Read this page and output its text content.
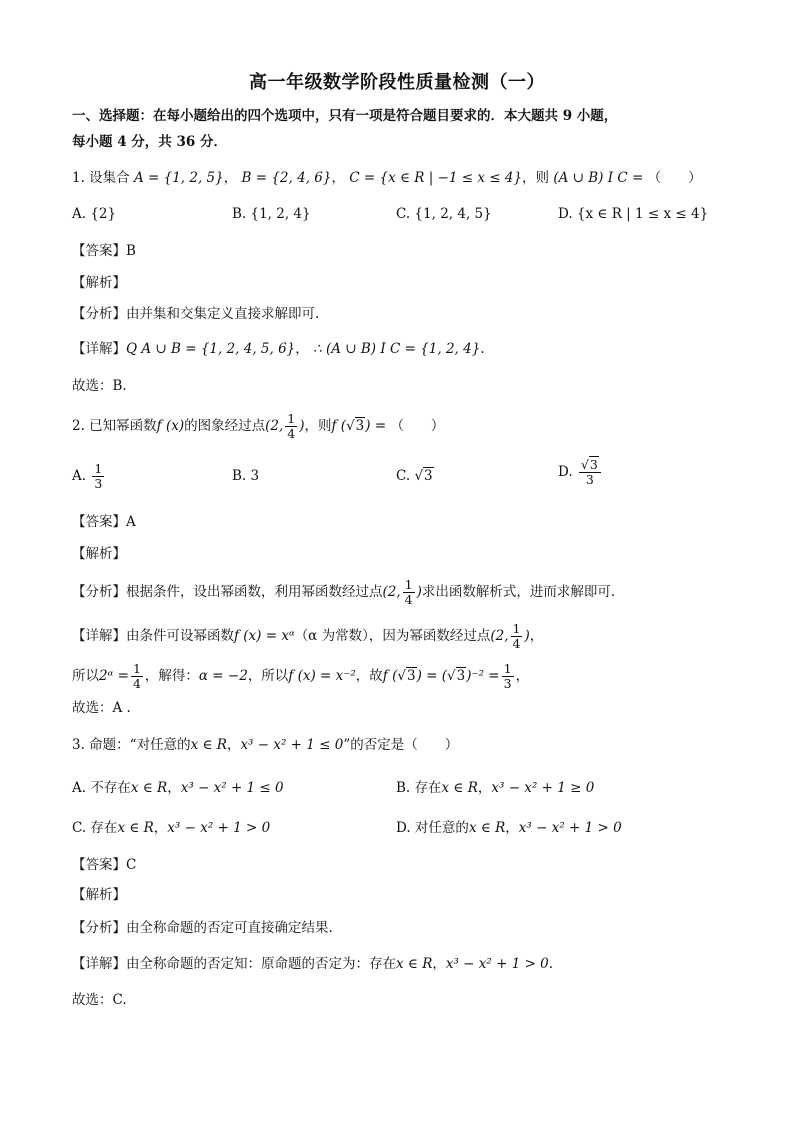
高一年级数学阶段性质量检测（一）
一、选择题：在每小题给出的四个选项中，只有一项是符合题目要求的．本大题共 9 小题，
每小题 4 分，共 36 分．
1. 设集合 A = {1, 2, 5}， B = {2, 4, 6}， C = {x ∈ R | −1 ≤ x ≤ 4}，则 (A ∪ B) I C = （　　）
A. {2}	B. {1, 2, 4}	C. {1, 2, 4, 5}	D. {x ∈ R | 1 ≤ x ≤ 4}
【答案】B
【解析】
【分析】由并集和交集定义直接求解即可.
【详解】Q A ∪ B = {1, 2, 4, 5, 6}， ∴ (A ∪ B) I C = {1, 2, 4}.
故选：B.
2. 已知幂函数f (x)的图象经过点(2, $\frac{1}{4}$ )，则f (√3) = （　　）
A. $\frac{1}{3}$	B. 3	C. √3	D. $\frac{√3}{3}$
【答案】A
【解析】
【分析】根据条件，设出幂函数，利用幂函数经过点(2, $\frac{1}{4}$ )求出函数解析式，进而求解即可.
【详解】由条件可设幂函数f (x) = xᵅ（α 为常数），因为幂函数经过点(2, $\frac{1}{4}$ )，
所以2ᵅ = $\frac{1}{4}$ ，解得：α = −2，所以f (x) = x⁻²，故f $(√3) = (√3)^{-2} = \frac{1}{3}$ ，
故选：A .
3. 命题：“对任意的x ∈ R，x³ − x² + 1 ≤ 0”的否定是（　　）
A. 不存在x ∈ R，x³ − x² + 1 ≤ 0	B. 存在x ∈ R，x³ − x² + 1 ≥ 0
C. 存在x ∈ R，x³ − x² + 1 > 0	D. 对任意的x ∈ R，x³ − x² + 1 > 0
【答案】C
【解析】
【分析】由全称命题的否定可直接确定结果.
【详解】由全称命题的否定知：原命题的否定为：存在x ∈ R，x³ − x² + 1 > 0.
故选：C.
